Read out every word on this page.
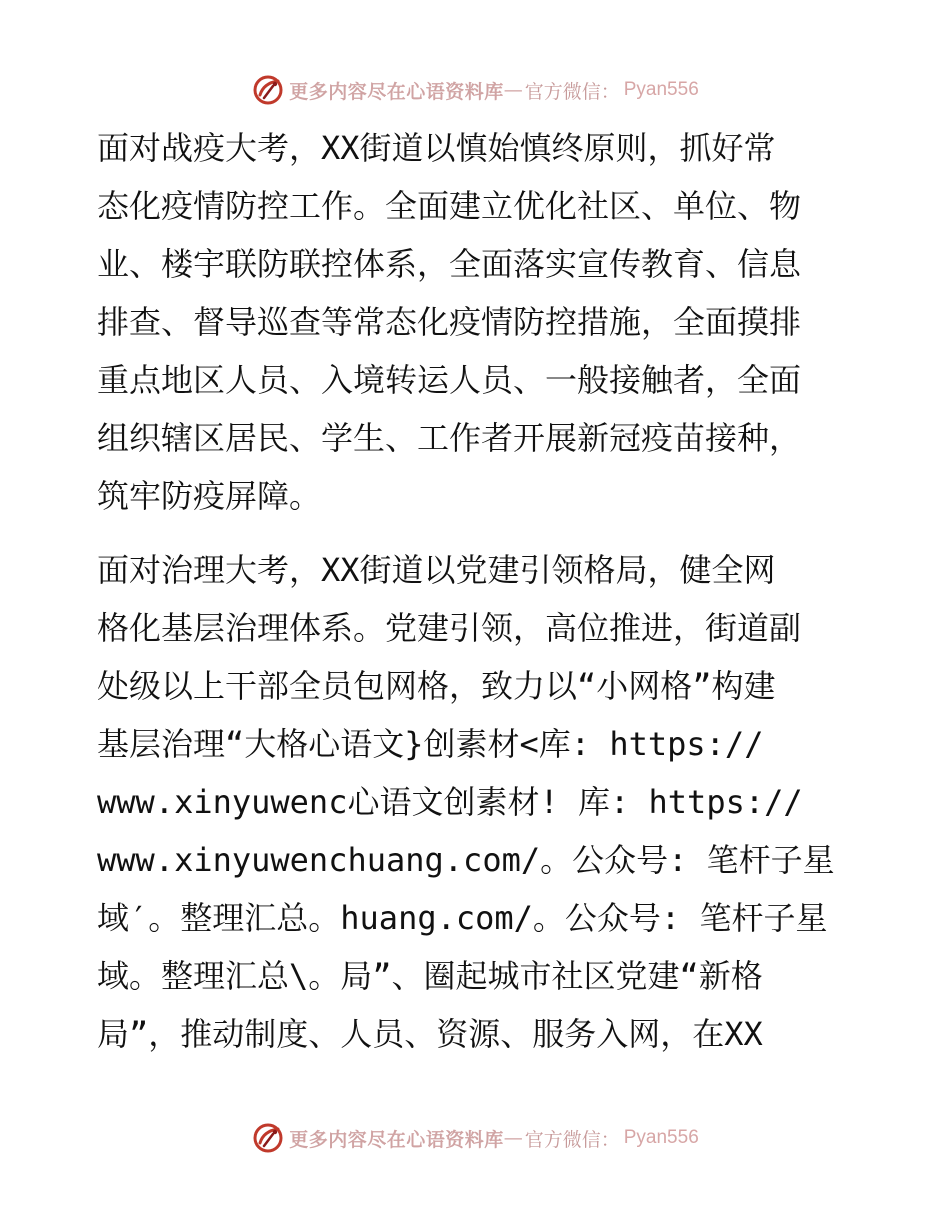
更多内容尽在心语资料库 — 官方微信： Pyan556
面对战疫大考，XX街道以慎始慎终原则，抓好常
态化疫情防控工作。全面建立优化社区、单位、物
业、楼宇联防联控体系，全面落实宣传教育、信息
排查、督导巡查等常态化疫情防控措施，全面摸排
重点地区人员、入境转运人员、一般接触者，全面
组织辖区居民、学生、工作者开展新冠疫苗接种，
筑牢防疫屏障。
面对治理大考，XX街道以党建引领格局，健全网
格化基层治理体系。党建引领，高位推进，街道副
处级以上干部全员包网格，致力以“小网格”构建
基层治理“大格心语文}创素材<库: https://
www.xinyuwenc心语文创素材! 库: https://
www.xinyuwenchuang.com/。公众号: 笔杆子星
域′。整理汇总。huang.com/。公众号: 笔杆子星
域。整理汇总\。局”、圈起城市社区党建“新格
局”，推动制度、人员、资源、服务入网，在XX
更多内容尽在心语资料库 — 官方微信： Pyan556
